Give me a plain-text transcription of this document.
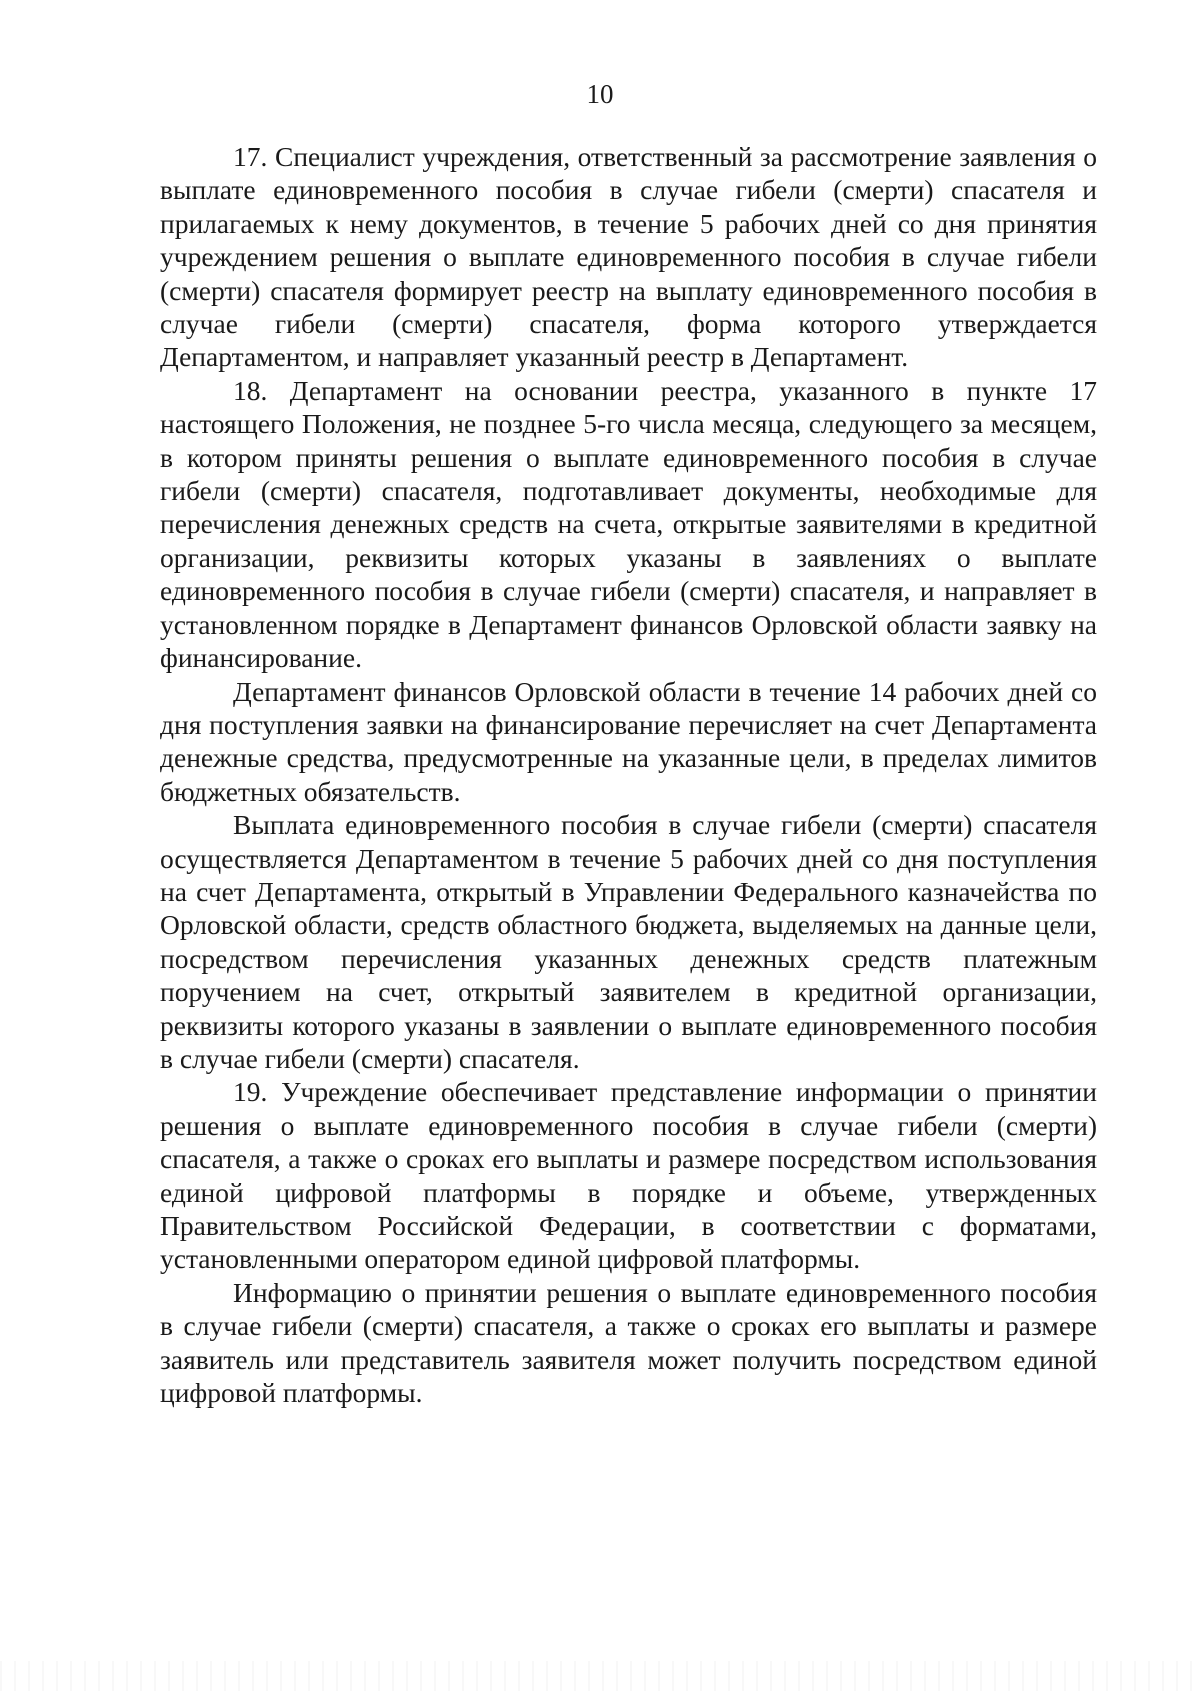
10

17. Специалист учреждения, ответственный за рассмотрение заявления о выплате единовременного пособия в случае гибели (смерти) спасателя и прилагаемых к нему документов, в течение 5 рабочих дней со дня принятия учреждением решения о выплате единовременного пособия в случае гибели (смерти) спасателя формирует реестр на выплату единовременного пособия в случае гибели (смерти) спасателя, форма которого утверждается Департаментом, и направляет указанный реестр в Департамент.

18. Департамент на основании реестра, указанного в пункте 17 настоящего Положения, не позднее 5-го числа месяца, следующего за месяцем, в котором приняты решения о выплате единовременного пособия в случае гибели (смерти) спасателя, подготавливает документы, необходимые для перечисления денежных средств на счета, открытые заявителями в кредитной организации, реквизиты которых указаны в заявлениях о выплате единовременного пособия в случае гибели (смерти) спасателя, и направляет в установленном порядке в Департамент финансов Орловской области заявку на финансирование.

Департамент финансов Орловской области в течение 14 рабочих дней со дня поступления заявки на финансирование перечисляет на счет Департамента денежные средства, предусмотренные на указанные цели, в пределах лимитов бюджетных обязательств.

Выплата единовременного пособия в случае гибели (смерти) спасателя осуществляется Департаментом в течение 5 рабочих дней со дня поступления на счет Департамента, открытый в Управлении Федерального казначейства по Орловской области, средств областного бюджета, выделяемых на данные цели, посредством перечисления указанных денежных средств платежным поручением на счет, открытый заявителем в кредитной организации, реквизиты которого указаны в заявлении о выплате единовременного пособия в случае гибели (смерти) спасателя.

19. Учреждение обеспечивает представление информации о принятии решения о выплате единовременного пособия в случае гибели (смерти) спасателя, а также о сроках его выплаты и размере посредством использования единой цифровой платформы в порядке и объеме, утвержденных Правительством Российской Федерации, в соответствии с форматами, установленными оператором единой цифровой платформы.

Информацию о принятии решения о выплате единовременного пособия в случае гибели (смерти) спасателя, а также о сроках его выплаты и размере заявитель или представитель заявителя может получить посредством единой цифровой платформы.
